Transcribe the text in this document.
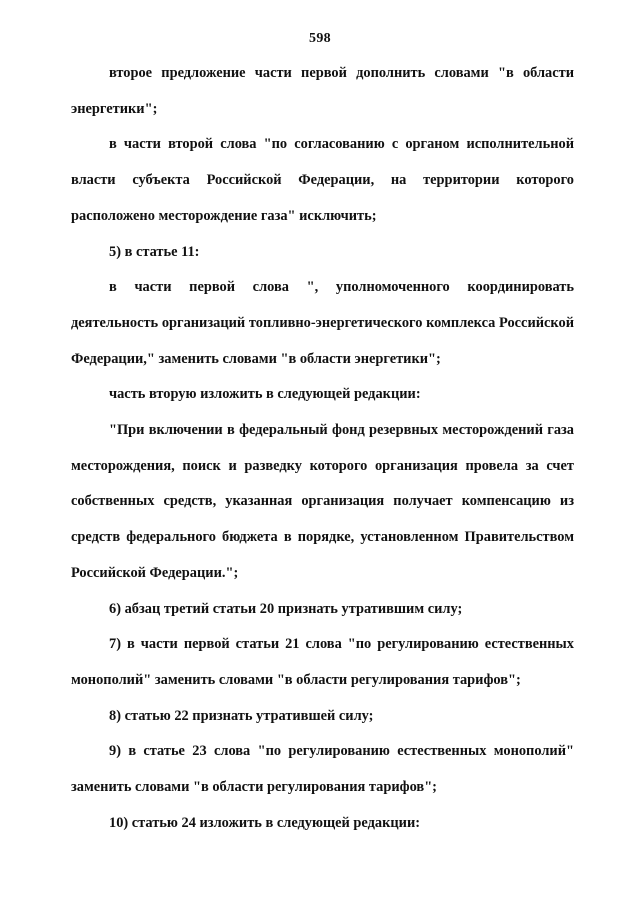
598

второе предложение части первой дополнить словами "в области энергетики";

в части второй слова "по согласованию с органом исполнительной власти субъекта Российской Федерации, на территории которого расположено месторождение газа" исключить;

5) в статье 11:

в части первой слова ", уполномоченного координировать деятельность организаций топливно-энергетического комплекса Российской Федерации," заменить словами "в области энергетики";

часть вторую изложить в следующей редакции:

"При включении в федеральный фонд резервных месторождений газа месторождения, поиск и разведку которого организация провела за счет собственных средств, указанная организация получает компенсацию из средств федерального бюджета в порядке, установленном Правительством Российской Федерации.";

6) абзац третий статьи 20 признать утратившим силу;

7) в части первой статьи 21 слова "по регулированию естественных монополий" заменить словами "в области регулирования тарифов";

8) статью 22 признать утратившей силу;

9) в статье 23 слова "по регулированию естественных монополий" заменить словами "в области регулирования тарифов";

10) статью 24 изложить в следующей редакции:
